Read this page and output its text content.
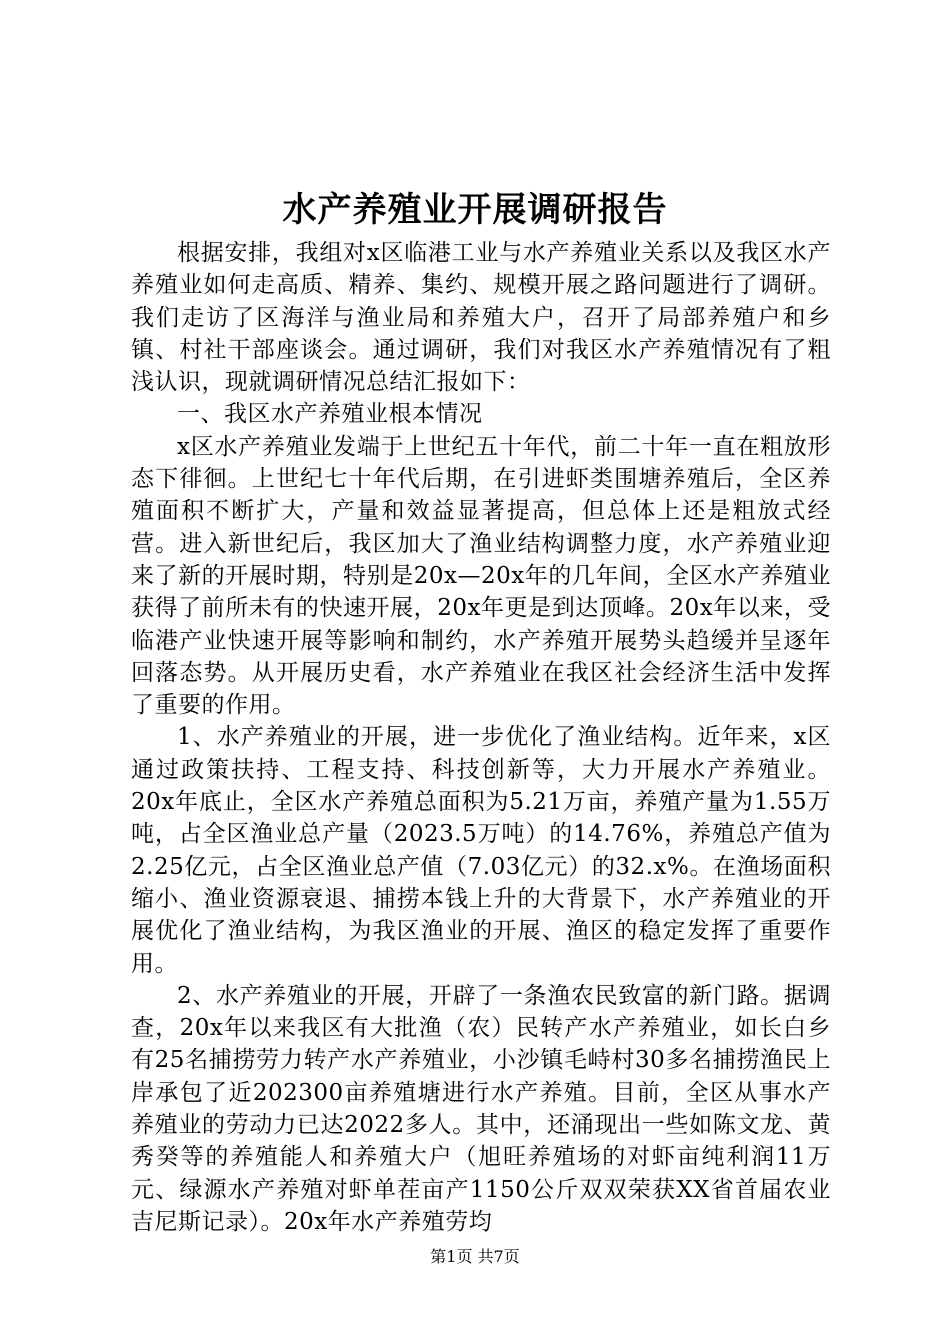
水产养殖业开展调研报告

根据安排，我组对x区临港工业与水产养殖业关系以及我区水产养殖业如何走高质、精养、集约、规模开展之路问题进行了调研。我们走访了区海洋与渔业局和养殖大户，召开了局部养殖户和乡镇、村社干部座谈会。通过调研，我们对我区水产养殖情况有了粗浅认识，现就调研情况总结汇报如下：

一、我区水产养殖业根本情况

x区水产养殖业发端于上世纪五十年代，前二十年一直在粗放形态下徘徊。上世纪七十年代后期，在引进虾类围塘养殖后，全区养殖面积不断扩大，产量和效益显著提高，但总体上还是粗放式经营。进入新世纪后，我区加大了渔业结构调整力度，水产养殖业迎来了新的开展时期，特别是20x—20x年的几年间，全区水产养殖业获得了前所未有的快速开展，20x年更是到达顶峰。20x年以来，受临港产业快速开展等影响和制约，水产养殖开展势头趋缓并呈逐年回落态势。从开展历史看，水产养殖业在我区社会经济生活中发挥了重要的作用。

1、水产养殖业的开展，进一步优化了渔业结构。近年来，x区通过政策扶持、工程支持、科技创新等，大力开展水产养殖业。20x年底止，全区水产养殖总面积为5.21万亩，养殖产量为1.55万吨，占全区渔业总产量（2023.5万吨）的14.76%，养殖总产值为2.25亿元，占全区渔业总产值（7.03亿元）的32.x%。在渔场面积缩小、渔业资源衰退、捕捞本钱上升的大背景下，水产养殖业的开展优化了渔业结构，为我区渔业的开展、渔区的稳定发挥了重要作用。

2、水产养殖业的开展，开辟了一条渔农民致富的新门路。据调查，20x年以来我区有大批渔（农）民转产水产养殖业，如长白乡有25名捕捞劳力转产水产养殖业，小沙镇毛峙村30多名捕捞渔民上岸承包了近202300亩养殖塘进行水产养殖。目前，全区从事水产养殖业的劳动力已达2022多人。其中，还涌现出一些如陈文龙、黄秀癸等的养殖能人和养殖大户（旭旺养殖场的对虾亩纯利润11万元、绿源水产养殖对虾单茬亩产1150公斤双双荣获XX省首届农业吉尼斯记录）。20x年水产养殖劳均

第1页 共7页
